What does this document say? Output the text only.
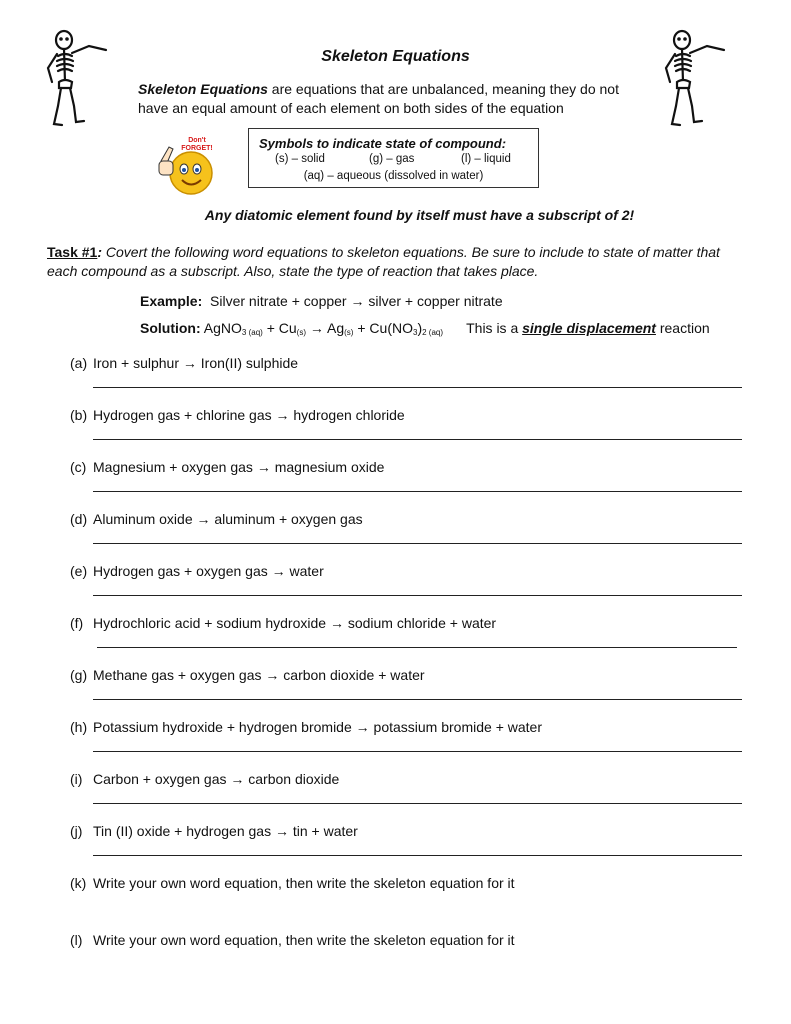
Skeleton Equations
Skeleton Equations are equations that are unbalanced, meaning they do not have an equal amount of each element on both sides of the equation
Don't
FORGET!	Symbols to indicate state of compound:
(s) – solid	(g) – gas	(l) – liquid
(aq) – aqueous (dissolved in water)
Any diatomic element found by itself must have a subscript of 2!
Task #1: Covert the following word equations to skeleton equations. Be sure to include to state of matter that each compound as a subscript. Also, state the type of reaction that takes place.
Example:  Silver nitrate + copper → silver + copper nitrate
Solution: AgNO$_3$ $_{(aq)} + Cu_{(s)} \to Ag_{(s)} + Cu(NO_3)_2$ $_{(aq)}$      This is a single displacement reaction
(a) Iron + sulphur → Iron(II) sulphide
(b) Hydrogen gas + chlorine gas → hydrogen chloride
(c) Magnesium + oxygen gas → magnesium oxide
(d) Aluminum oxide → aluminum + oxygen gas
(e) Hydrogen gas + oxygen gas → water
(f) Hydrochloric acid + sodium hydroxide → sodium chloride + water
(g) Methane gas + oxygen gas → carbon dioxide + water
(h) Potassium hydroxide + hydrogen bromide → potassium bromide + water
(i) Carbon + oxygen gas → carbon dioxide
(j) Tin (II) oxide + hydrogen gas → tin + water
(k) Write your own word equation, then write the skeleton equation for it
(l) Write your own word equation, then write the skeleton equation for it
